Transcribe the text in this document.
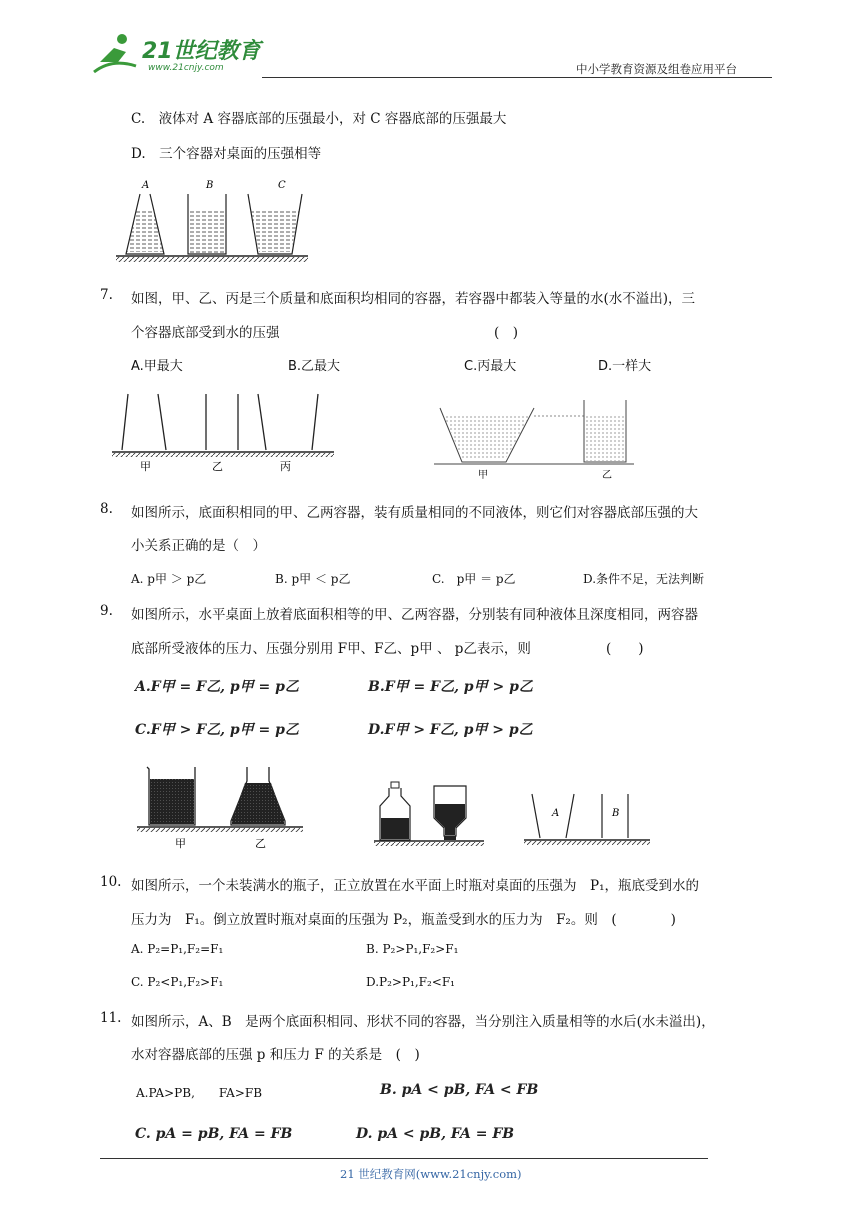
21世纪教育
www.21cnjy.com	中小学教育资源及组卷应用平台
C.　液体对 A 容器底部的压强最小，对 C 容器底部的压强最大
D.　三个容器对桌面的压强相等
A	B	C
7. 如图，甲、乙、丙是三个质量和底面积均相同的容器，若容器中都装入等量的水(水不溢出)，三
个容器底部受到水的压强	(　)
A.甲最大	B.乙最大	C.丙最大	D.一样大
甲	乙	丙
甲	乙
8. 如图所示，底面积相同的甲、乙两容器，装有质量相同的不同液体，则它们对容器底部压强的大
小关系正确的是（　）
A. p甲 ＞ p乙	B. p甲 ＜ p乙	C.　p甲 ＝ p乙	D.条件不足，无法判断
9. 如图所示，水平桌面上放着底面积相等的甲、乙两容器，分别装有同种液体且深度相同，两容器
底部所受液体的压力、压强分别用 F甲、F乙、p甲 、 p乙表示，则	(　　)
A.F甲 = F乙, p甲 = p乙	B.F甲 = F乙, p甲 > p乙
C.F甲 > F乙, p甲 = p乙	D.F甲 > F乙, p甲 > p乙
甲	乙
A	B
10. 如图所示，一个未装满水的瓶子，正立放置在水平面上时瓶对桌面的压强为　P₁，瓶底受到水的
压力为　F₁。倒立放置时瓶对桌面的压强为 P₂，瓶盖受到水的压力为　F₂。则　(　　　　)
A. P₂=P₁,F₂=F₁	B. P₂>P₁,F₂>F₁
C. P₂<P₁,F₂>F₁	D.P₂>P₁,F₂<F₁
11. 如图所示，A、B　是两个底面积相同、形状不同的容器，当分别注入质量相等的水后(水未溢出)，
水对容器底部的压强 p 和压力 F 的关系是　(　)
A.PA>PB,　　FA>FB	B. pA < pB, FA < FB
C. pA = pB, FA = FB	D. pA < pB, FA = FB
21 世纪教育网(www.21cnjy.com)
